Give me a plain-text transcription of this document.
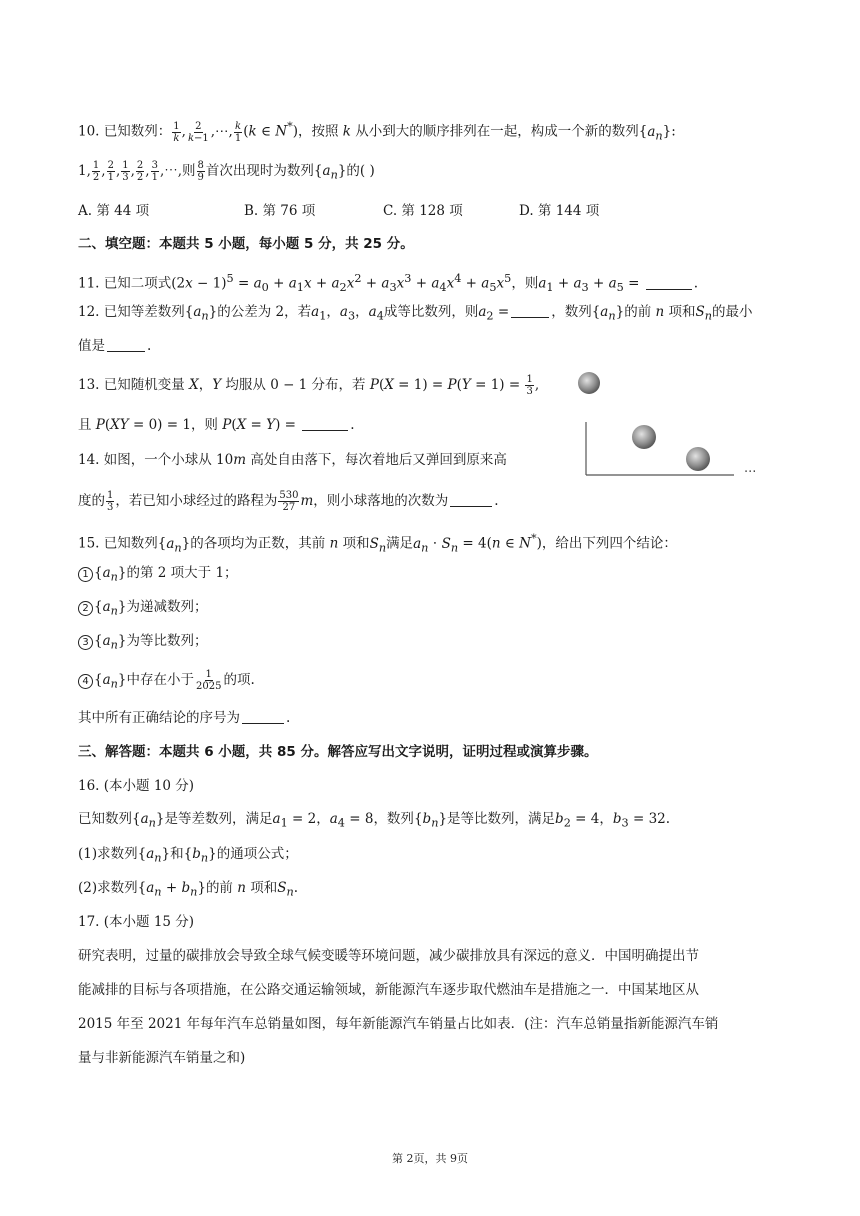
10. 已知数列： $\frac{1}{k}$ , $\frac{2}{k-1}$ ,⋯, $\frac{k}{1} (k$ ∈ N*)，按照 k 从小到大的顺序排列在一起，构成一个新的数列$\{a_n\}$:
1, $\frac{1}{2}$ , $\frac{2}{1}$ , $\frac{1}{3}$ , $\frac{2}{2}$ , $\frac{3}{1}$ ,⋯,则 $\frac{8}{9}$ 首次出现时为数列$\{a_n\}$的( )
A. 第 44 项	B. 第 76 项	C. 第 128 项	D. 第 144 项
二、填空题：本题共 5 小题，每小题 5 分，共 25 分。
11. 已知二项式$(2x - 1)^5 = a_0 + a_1x + a_2x^2 + a_3x^3 + a_4x^4 + a_5x^5$，则$a_1 + a_3 + a_5$ =	.
12. 已知等差数列$\{a_n\}$的公差为 2，若$a_1$，$a_3$，$a_4$成等比数列，则$a_2$ =	，数列$\{a_n\}$的前 n 项和$S_n$的最小
值是	.
13. 已知随机变量 X，Y 均服从 0 − 1 分布，若 $P(X = 1) = P(Y = 1) = \frac{1}{3}$ ,
且 P(XY = 0) = 1，则 P(X = Y) =	.
14. 如图，一个小球从 10m 高处自由落下，每次着地后又弹回到原来高
度的 $\frac{1}{3}$ ，若已知小球经过的路程为 $\frac{530}{27}$ m，则小球落地的次数为	.
···
15. 已知数列$\{a_n\}$的各项均为正数，其前 n 项和$S_n$满足$a_n \cdot S_n = 4(n$ ∈ N*)，给出下列四个结论：
1 $\{a_n\}$的第 2 项大于 1；
2 $\{a_n\}$为递减数列；
3 $\{a_n\}$为等比数列；
4 $\{a_n\}$中存在小于 $\frac{1}{2025}$ 的项.
其中所有正确结论的序号为	.
三、解答题：本题共 6 小题，共 85 分。解答应写出文字说明，证明过程或演算步骤。
16. (本小题 10 分)
已知数列$\{a_n\}$是等差数列，满足$a_1 = 2$，$a_4 = 8$，数列$\{b_n\}$是等比数列，满足$b_2 = 4$，$b_3 = 32$.
(1)求数列$\{a_n\}$和$\{b_n\}$的通项公式；
(2)求数列$\{a_n + b_n\}$的前 n 项和$S_n$.
17. (本小题 15 分)
研究表明，过量的碳排放会导致全球气候变暖等环境问题，减少碳排放具有深远的意义．中国明确提出节
能减排的目标与各项措施，在公路交通运输领域，新能源汽车逐步取代燃油车是措施之一．中国某地区从
2015 年至 2021 年每年汽车总销量如图，每年新能源汽车销量占比如表．(注：汽车总销量指新能源汽车销
量与非新能源汽车销量之和)
第 2页，共 9页
